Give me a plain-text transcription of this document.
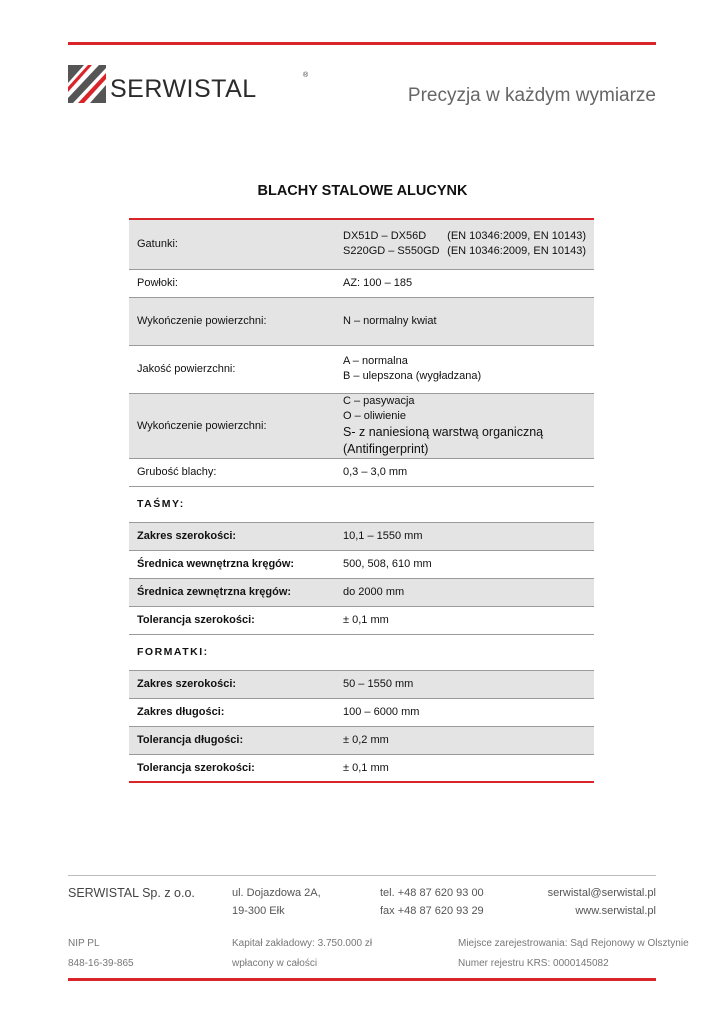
SERWISTAL	®
Precyzja w każdym wymiarze
BLACHY STALOWE ALUCYNK
Gatunki:	DX51D – DX56D (EN 10346:2009, EN 10143)
S220GD – S550GD (EN 10346:2009, EN 10143)

Powłoki:	AZ: 100 – 185
Wykończenie powierzchni:	N – normalny kwiat
Jakość powierzchni:	A – normalna
B – ulepszona (wygładzana)

Wykończenie powierzchni:	C – pasywacja
O – oliwienie
S- z naniesioną warstwą organiczną
(Antifingerprint)

Grubość blachy:	0,3 – 3,0 mm
TAŚMY:	
Zakres szerokości:	10,1 – 1550 mm
Średnica wewnętrzna kręgów:	500, 508, 610 mm
Średnica zewnętrzna kręgów:	do 2000 mm
Tolerancja szerokości:	± 0,1 mm
FORMATKI:	
Zakres szerokości:	50 – 1550 mm
Zakres długości:	100 – 6000 mm
Tolerancja długości:	± 0,2 mm
Tolerancja szerokości:	± 0,1 mm
SERWISTAL Sp. z o.o.	ul. Dojazdowa 2A,
19-300 Ełk
tel. +48 87 620 93 00
fax +48 87 620 93 29
serwistal@serwistal.pl
www.serwistal.pl
NIP PL
848-16-39-865
Kapitał zakładowy: 3.750.000 zł
wpłacony w całości
Miejsce zarejestrowania: Sąd Rejonowy w Olsztynie
Numer rejestru KRS: 0000145082
